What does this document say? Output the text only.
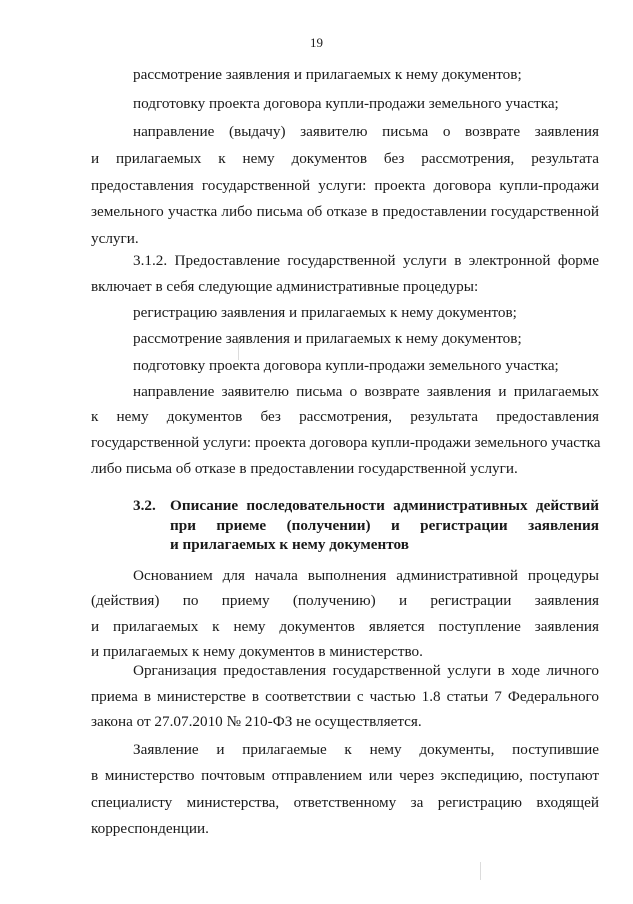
19
рассмотрение заявления и прилагаемых к нему документов;
подготовку проекта договора купли-продажи земельного участка;
направление (выдачу) заявителю письма о возврате заявления
и прилагаемых к нему документов без рассмотрения, результата
предоставления государственной услуги: проекта договора купли-продажи
земельного участка либо письма об отказе в предоставлении государственной
услуги.
3.1.2. Предоставление государственной услуги в электронной форме
включает в себя следующие административные процедуры:
регистрацию заявления и прилагаемых к нему документов;
рассмотрение заявления и прилагаемых к нему документов;
подготовку проекта договора купли-продажи земельного участка;
направление заявителю письма о возврате заявления и прилагаемых
к нему документов без рассмотрения, результата предоставления
государственной услуги: проекта договора купли-продажи земельного участка
либо письма об отказе в предоставлении государственной услуги.
3.2. Описание последовательности административных действий
при приеме (получении) и регистрации заявления
и прилагаемых к нему документов
Основанием для начала выполнения административной процедуры
(действия) по приему (получению) и регистрации заявления
и прилагаемых к нему документов является поступление заявления
и прилагаемых к нему документов в министерство.
Организация предоставления государственной услуги в ходе личного
приема в министерстве в соответствии с частью 1.8 статьи 7 Федерального
закона от 27.07.2010 № 210-ФЗ не осуществляется.
Заявление и прилагаемые к нему документы, поступившие
в министерство почтовым отправлением или через экспедицию, поступают
специалисту министерства, ответственному за регистрацию входящей
корреспонденции.
